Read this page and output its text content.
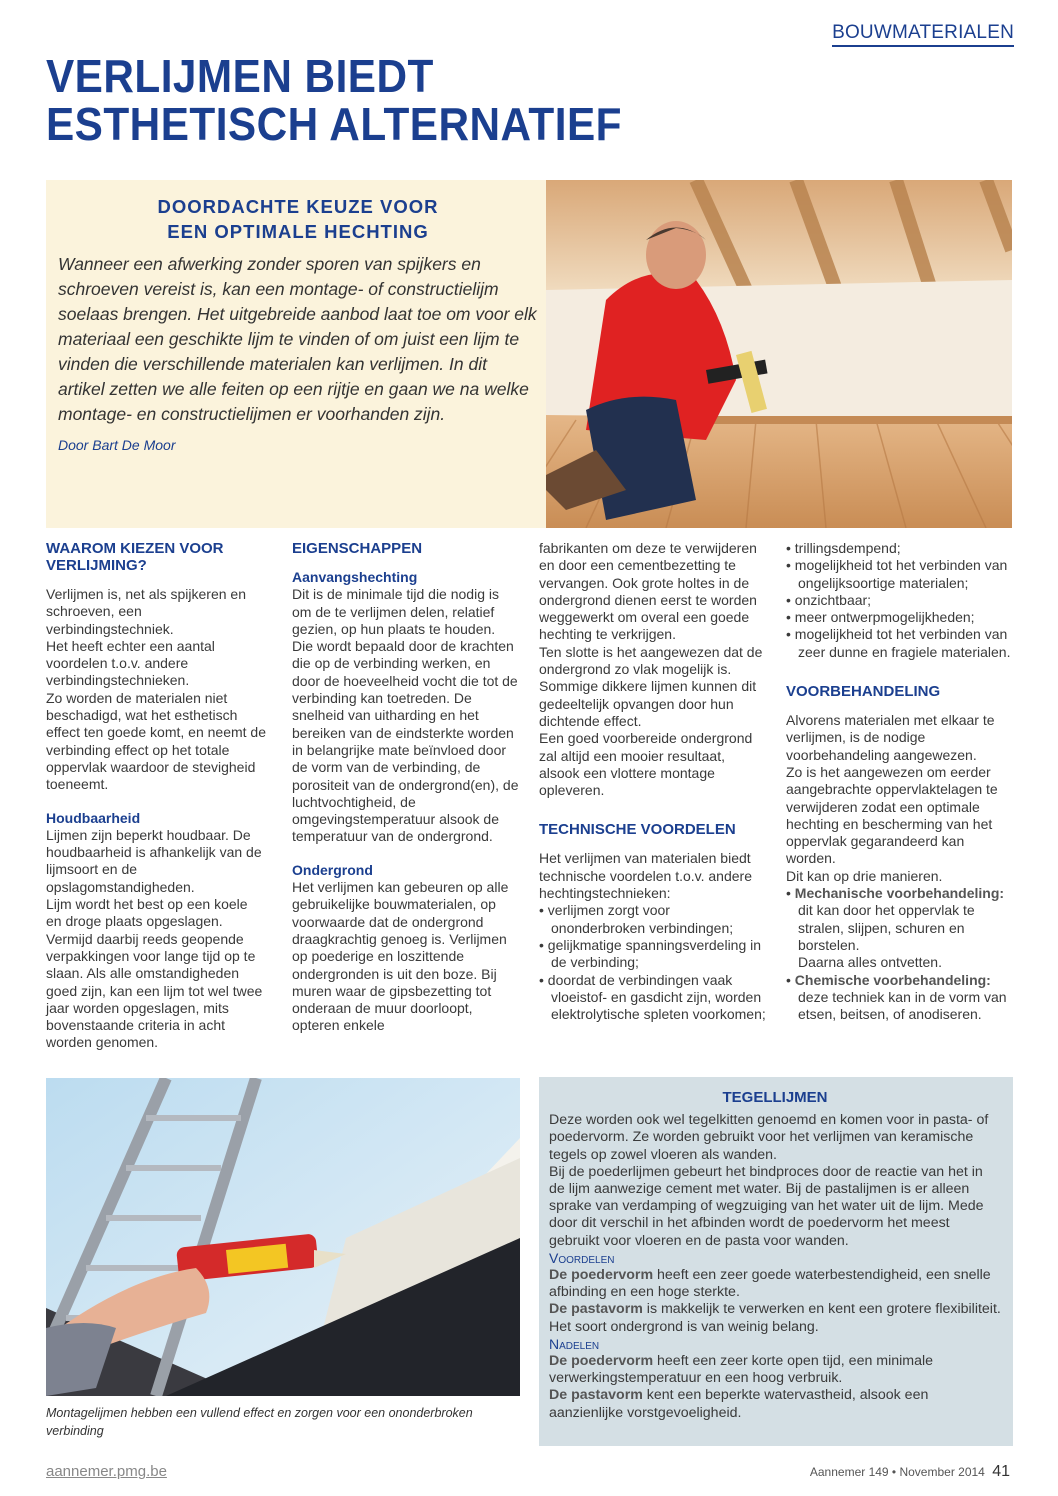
BOUWMATERIALEN
VERLIJMEN BIEDT
ESTHETISCH ALTERNATIEF
DOORDACHTE KEUZE VOOR
EEN OPTIMALE HECHTING
Wanneer een afwerking zonder sporen van spijkers en schroeven vereist is, kan een montage- of constructielijm soelaas brengen. Het uitgebreide aanbod laat toe om voor elk materiaal een geschikte lijm te vinden of om juist een lijm te vinden die verschillende materialen kan verlijmen. In dit artikel zetten we alle feiten op een rijtje en gaan we na welke montage- en constructielijmen er voorhanden zijn.
Door Bart De Moor
WAAROM KIEZEN VOOR VERLIJMING?

Verlijmen is, net als spijkeren en schroeven, een verbindingstechniek.

Het heeft echter een aantal voordelen t.o.v. andere verbindingstechnieken.

Zo worden de materialen niet beschadigd, wat het esthetisch effect ten goede komt, en neemt de verbinding effect op het totale oppervlak waardoor de stevigheid toeneemt.

Houdbaarheid

Lijmen zijn beperkt houdbaar. De houdbaarheid is afhankelijk van de lijmsoort en de opslagomstandigheden.

Lijm wordt het best op een koele en droge plaats opgeslagen. Vermijd daarbij reeds geopende verpakkingen voor lange tijd op te slaan. Als alle omstandigheden goed zijn, kan een lijm tot wel twee jaar worden opgeslagen, mits bovenstaande criteria in acht worden genomen.

EIGENSCHAPPEN
Aanvangshechting

Dit is de minimale tijd die nodig is om de te verlijmen delen, relatief gezien, op hun plaats te houden. Die wordt bepaald door de krachten die op de verbinding werken, en door de hoeveelheid vocht die tot de verbinding kan toetreden. De snelheid van uitharding en het bereiken van de eindsterkte worden in belangrijke mate beïnvloed door de vorm van de verbinding, de porositeit van de ondergrond(en), de luchtvochtigheid, de omgevingstemperatuur alsook de temperatuur van de ondergrond.

Ondergrond

Het verlijmen kan gebeuren op alle gebruikelijke bouwmaterialen, op voorwaarde dat de ondergrond draagkrachtig genoeg is. Verlijmen op poederige en loszittende ondergronden is uit den boze. Bij muren waar de gipsbezetting tot onderaan de muur doorloopt, opteren enkele

fabrikanten om deze te verwijderen en door een cementbezetting te vervangen. Ook grote holtes in de ondergrond dienen eerst te worden weggewerkt om overal een goede hechting te verkrijgen.

Ten slotte is het aangewezen dat de ondergrond zo vlak mogelijk is. Sommige dikkere lijmen kunnen dit gedeeltelijk opvangen door hun dichtende effect.

Een goed voorbereide ondergrond zal altijd een mooier resultaat, alsook een vlottere montage opleveren.

TECHNISCHE VOORDELEN

Het verlijmen van materialen biedt technische voordelen t.o.v. andere hechtingstechnieken:

• verlijmen zorgt voor ononderbroken verbindingen;

• gelijkmatige spanningsverdeling in de verbinding;

• doordat de verbindingen vaak vloeistof- en gasdicht zijn, worden elektrolytische spleten voorkomen;

• trillingsdempend;

• mogelijkheid tot het verbinden van ongelijksoortige materialen;

• onzichtbaar;

• meer ontwerpmogelijkheden;

• mogelijkheid tot het verbinden van zeer dunne en fragiele materialen.

VOORBEHANDELING

Alvorens materialen met elkaar te verlijmen, is de nodige voorbehandeling aangewezen.

Zo is het aangewezen om eerder aangebrachte oppervlaktelagen te verwijderen zodat een optimale hechting en bescherming van het oppervlak gegarandeerd kan worden.

Dit kan op drie manieren.

• Mechanische voorbehandeling: dit kan door het oppervlak te stralen, slijpen, schuren en borstelen.
Daarna alles ontvetten.

• Chemische voorbehandeling: deze techniek kan in de vorm van etsen, beitsen, of anodiseren.

Montagelijmen hebben een vullend effect en zorgen voor een ononderbroken verbinding
TEGELLIJMEN

Deze worden ook wel tegelkitten genoemd en komen voor in pasta- of poedervorm. Ze worden gebruikt voor het verlijmen van keramische tegels op zowel vloeren als wanden.

Bij de poederlijmen gebeurt het bindproces door de reactie van het in de lijm aanwezige cement met water. Bij de pastalijmen is er alleen sprake van verdamping of wegzuiging van het water uit de lijm. Mede door dit verschil in het afbinden wordt de poedervorm het meest gebruikt voor vloeren en de pasta voor wanden.

Voordelen

De poedervorm heeft een zeer goede waterbestendigheid, een snelle afbinding en een hoge sterkte.

De pastavorm is makkelijk te verwerken en kent een grotere flexibiliteit. Het soort ondergrond is van weinig belang.

Nadelen

De poedervorm heeft een zeer korte open tijd, een minimale verwerkingstemperatuur en een hoog verbruik.

De pastavorm kent een beperkte watervastheid, alsook een aanzienlijke vorstgevoeligheid.

aannemer.pmg.be	Aannemer 149 • November 2014 41
